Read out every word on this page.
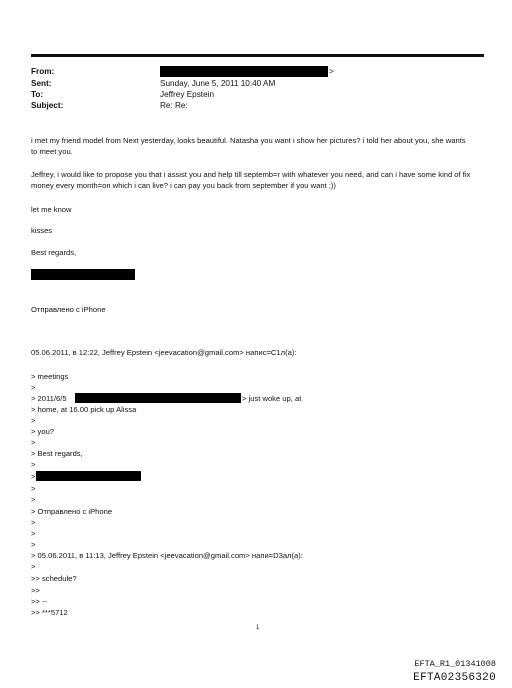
From:	>
Sent:	Sunday, June 5, 2011 10:40 AM
To:	Jeffrey Epstein
Subject:	Re: Re:
i met my friend model from Next yesterday, looks beautiful. Natasha you want i show her pictures? i told her about you, she wants to meet you.
Jeffrey, i would like to propose you that i assist you and help till septemb=r with whatever you need, and can i have some kind of fix money every month=on which i can live? i can pay you back from september if you want ;))
let me know
kisses
Best regards,
Отправлено с iPhone
05.06.2011, в 12:22, Jeffrey Epstein <jeevacation@gmail.com> напис=С1л(а):
> meetings
>
> 2011/6/5	> just woke up, at
> home, at 16.00 pick up Alissa
>
> you?
>
> Best regards,
>
>
>
>
> Отправлено с iPhone
>
>
>
> 05.06.2011, в 11:13, Jeffrey Epstein <jeevacation@gmail.com> напи=D3ал(а):
>
>> schedule?
>>
>> --
>> ***5712
1
EFTA_R1_01341008
EFTA02356320
